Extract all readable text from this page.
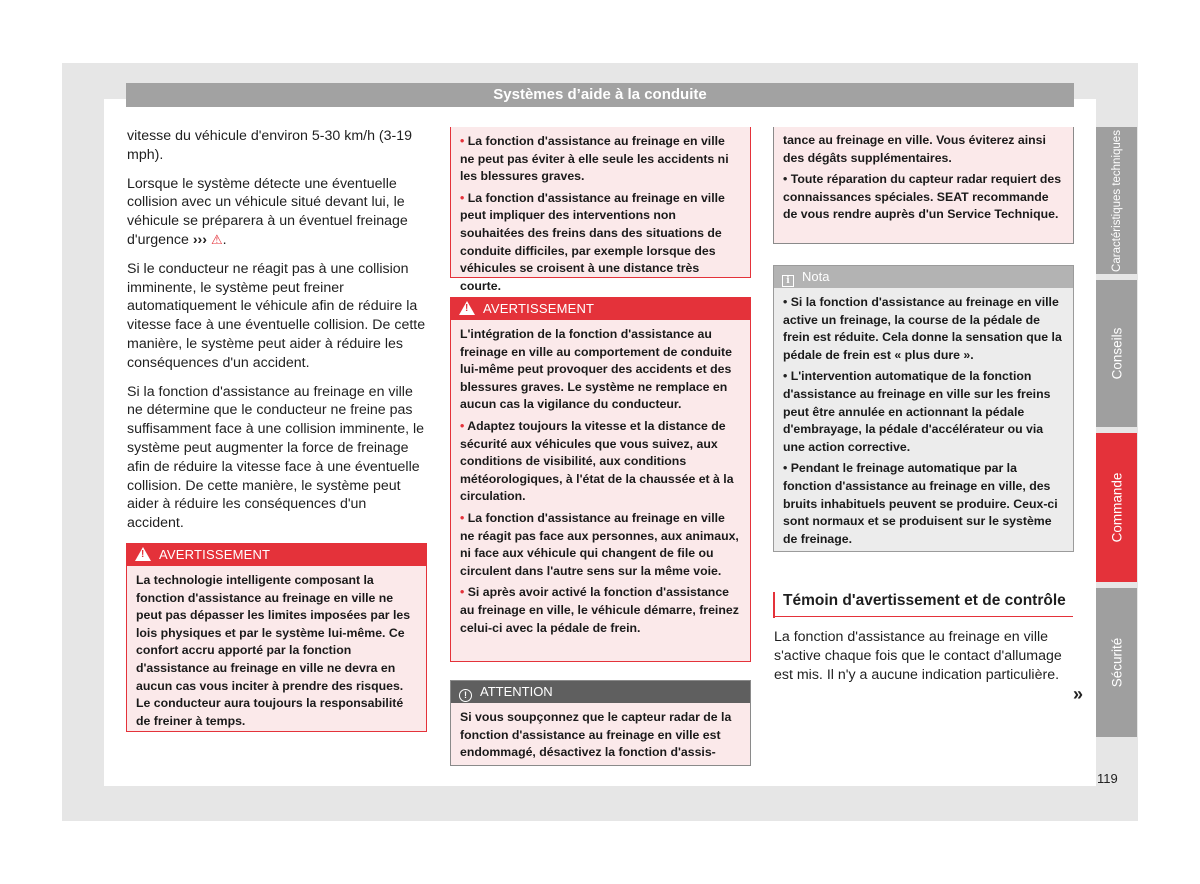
Systèmes d’aide à la conduite

vitesse du véhicule d'environ 5-30 km/h (3-19 mph).

Lorsque le système détecte une éventuelle collision avec un véhicule situé devant lui, le véhicule se préparera à un éventuel freinage d'urgence ››› ⚠.

Si le conducteur ne réagit pas à une collision imminente, le système peut freiner automatiquement le véhicule afin de réduire la vitesse face à une éventuelle collision. De cette manière, le système peut aider à réduire les conséquences d'un accident.

Si la fonction d'assistance au freinage en ville ne détermine que le conducteur ne freine pas suffisamment face à une collision imminente, le système peut augmenter la force de freinage afin de réduire la vitesse face à une éventuelle collision. De cette manière, le système peut aider à réduire les conséquences d'un accident.

!AVERTISSEMENT

La technologie intelligente composant la fonction d'assistance au freinage en ville ne peut pas dépasser les limites imposées par les lois physiques et par le système lui-même. Ce confort accru apporté par la fonction d'assistance au freinage en ville ne devra en aucun cas vous inciter à prendre des risques. Le conducteur aura toujours la responsabilité de freiner à temps.

• La fonction d'assistance au freinage en ville ne peut pas éviter à elle seule les accidents ni les blessures graves.

• La fonction d'assistance au freinage en ville peut impliquer des interventions non souhaitées des freins dans des situations de conduite difficiles, par exemple lorsque des véhicules se croisent à une distance très courte.

!AVERTISSEMENT

L'intégration de la fonction d'assistance au freinage en ville au comportement de conduite lui-même peut provoquer des accidents et des blessures graves. Le système ne remplace en aucun cas la vigilance du conducteur.

• Adaptez toujours la vitesse et la distance de sécurité aux véhicules que vous suivez, aux conditions de visibilité, aux conditions météorologiques, à l'état de la chaussée et à la circulation.

• La fonction d'assistance au freinage en ville ne réagit pas face aux personnes, aux animaux, ni face aux véhicule qui changent de file ou circulent dans l'autre sens sur la même voie.

• Si après avoir activé la fonction d'assistance au freinage en ville, le véhicule démarre, freinez celui-ci avec la pédale de frein.

! ATTENTION

Si vous soupçonnez que le capteur radar de la fonction d'assistance au freinage en ville est endommagé, désactivez la fonction d'assis-

tance au freinage en ville. Vous éviterez ainsi des dégâts supplémentaires.

• Toute réparation du capteur radar requiert des connaissances spéciales. SEAT recommande de vous rendre auprès d'un Service Technique.

i Nota

• Si la fonction d'assistance au freinage en ville active un freinage, la course de la pédale de frein est réduite. Cela donne la sensation que la pédale de frein est « plus dure ».

• L'intervention automatique de la fonction d'assistance au freinage en ville sur les freins peut être annulée en actionnant la pédale d'embrayage, la pédale d'accélérateur ou via une action corrective.

• Pendant le freinage automatique par la fonction d'assistance au freinage en ville, des bruits inhabituels peuvent se produire. Ceux-ci sont normaux et se produisent sur le système de freinage.

Témoin d'avertissement et de contrôle

La fonction d'assistance au freinage en ville s'active chaque fois que le contact d'allumage est mis. Il n'y a aucune indication particulière.

»
Caractéristiques techniques
Conseils
Commande
Sécurité
119
